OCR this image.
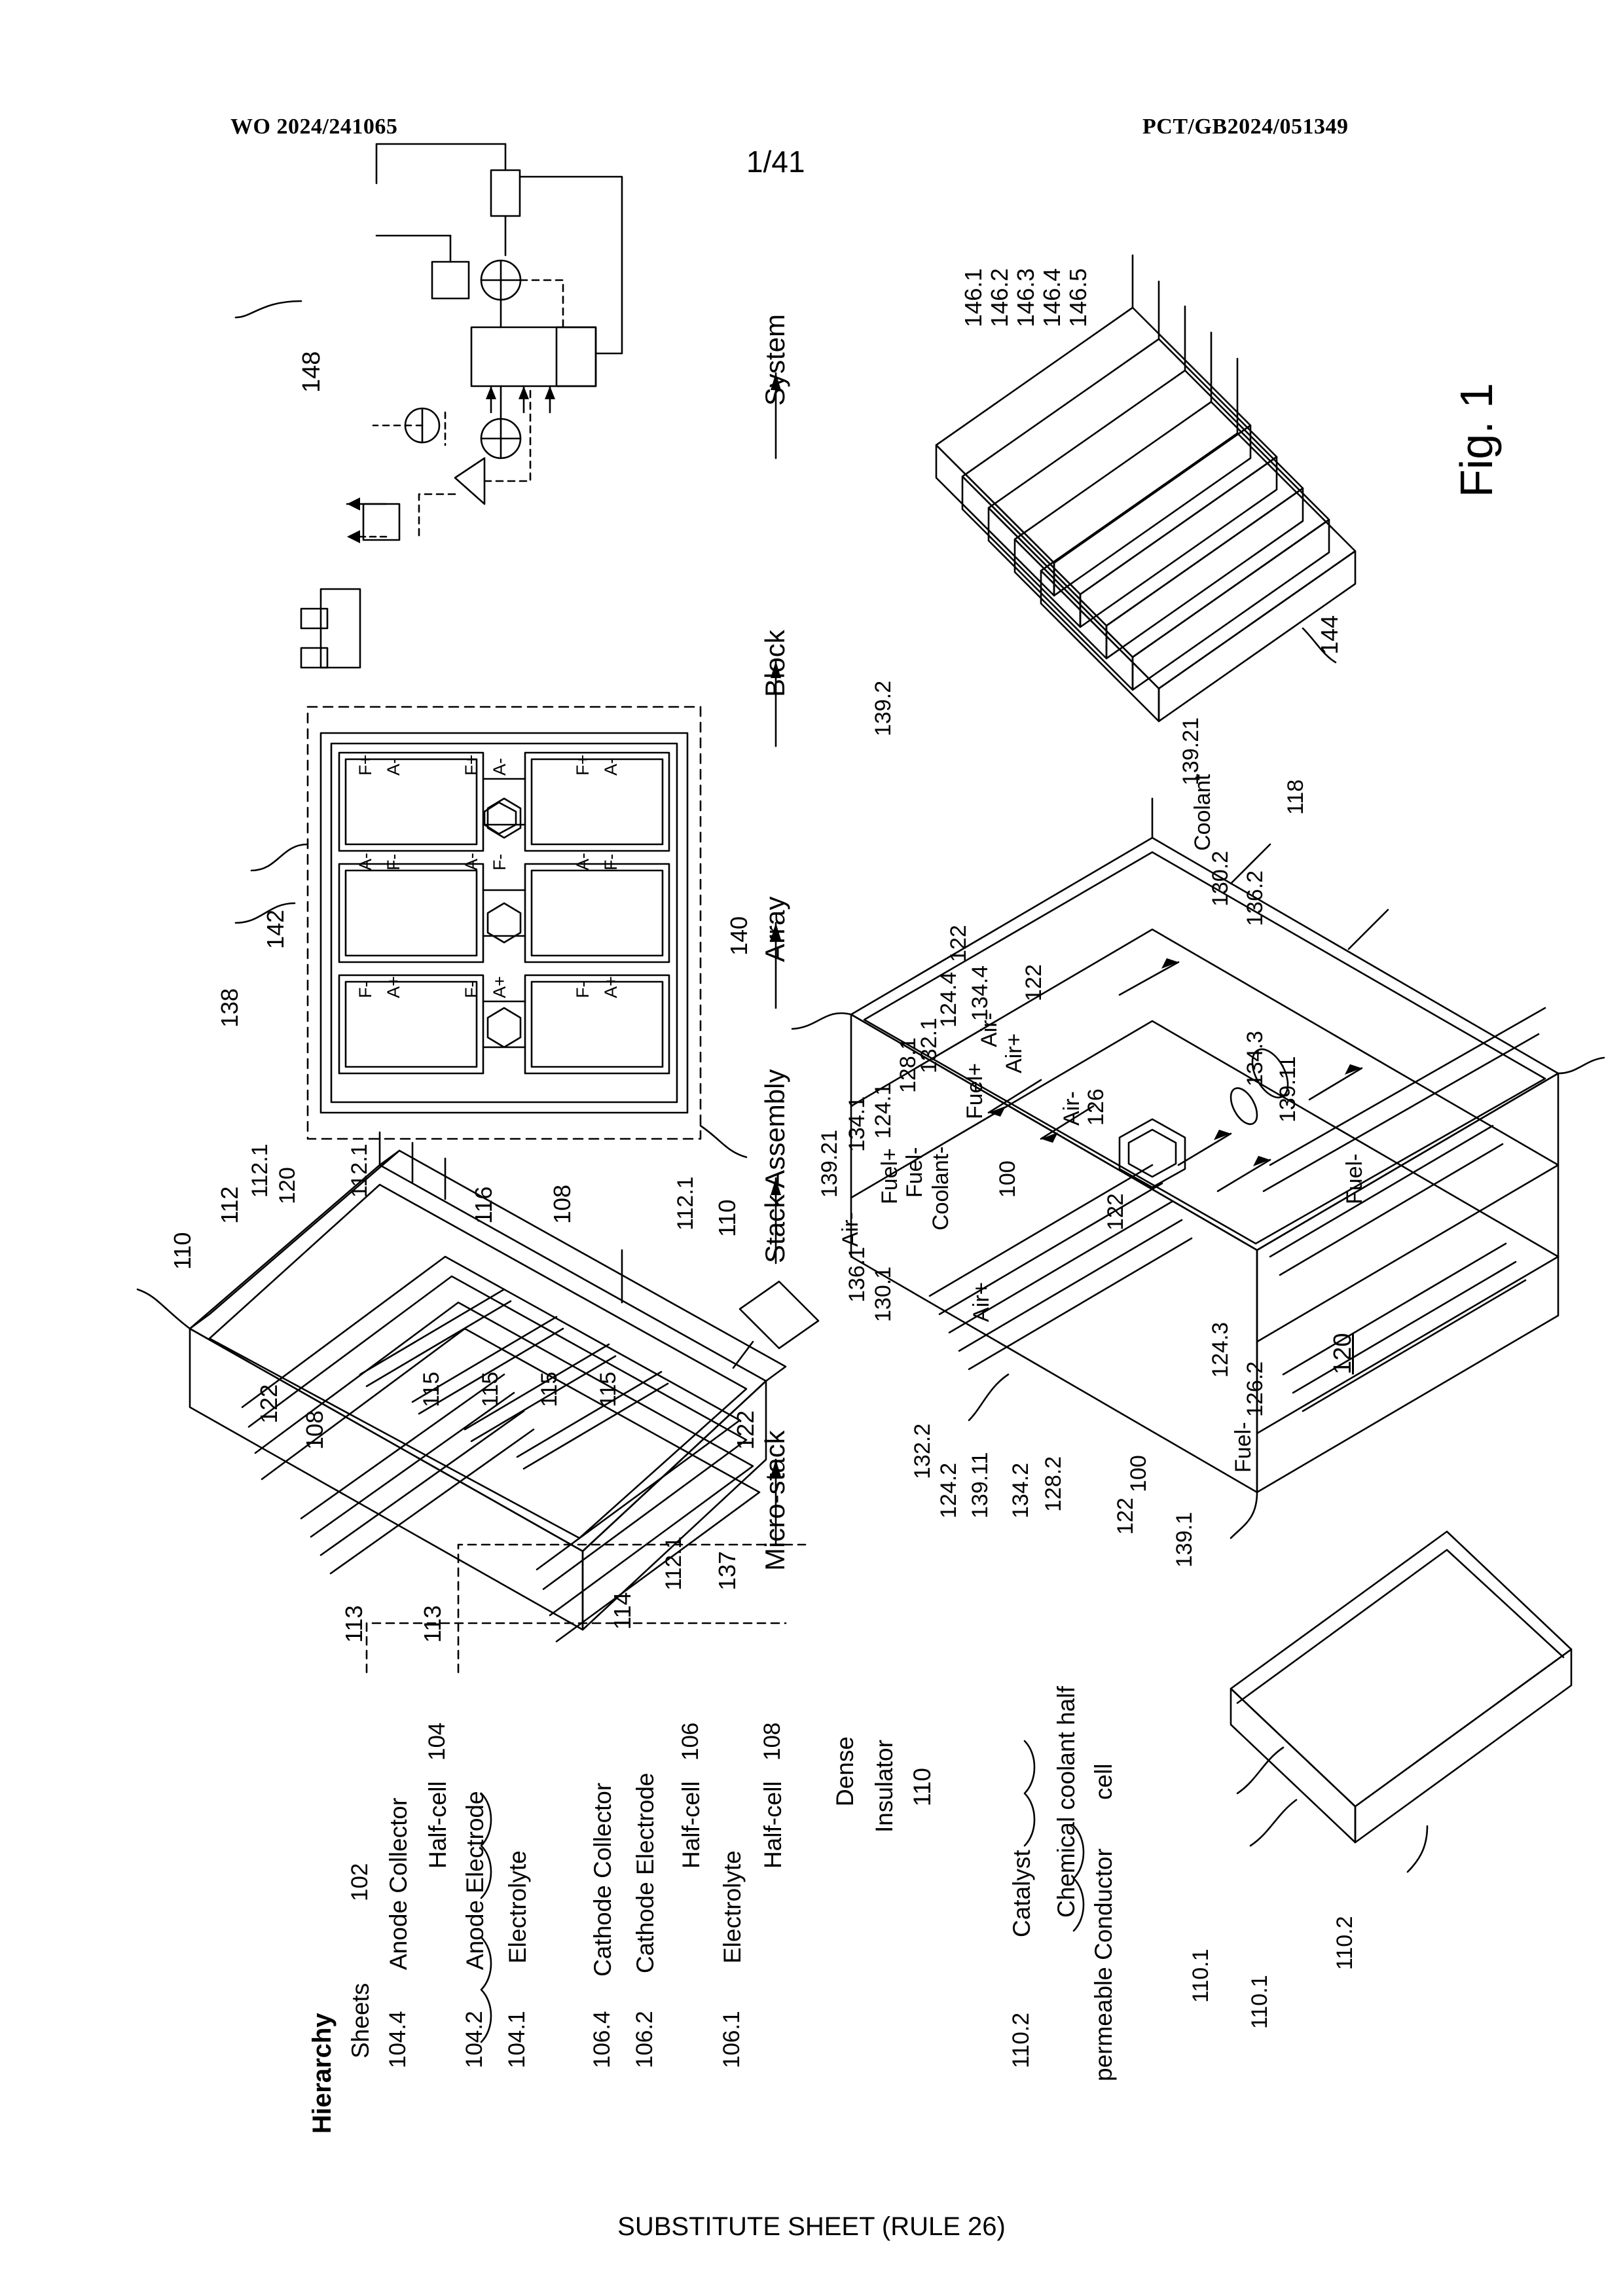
WO 2024/241065	PCT/GB2024/051349
1/41
SUBSTITUTE SHEET (RULE 26)
Fig. 1
System
Block
Array
Stack Assembly
Micro-stack
148
146.1 146.2 146.3 146.4 146.5
144
138
142	140
F+ A-
A- F-
F- A+
F+ A-
A- F-
F- A+
F+ A-
A- F-
F- A+
110
112
112.1 120 112.1
116 108	112.1
122
108
115 115 115 115
110
122
113 113	114
112.1 137
139.21
136.1 130.1
132.2
124.2 139.11 134.2
134.1 124.1
128.1
132.1
124.4 134.4
139.2
139.21
118
130.2 136.2
134.3 139.11
124.3
126.2
139.1
128.2
122
100
120
122
122
126
122
Air-
Fuel+ Fuel- Coolant-
Fuel+
Air-
Air+
Air-
Air+
Coolant
Fuel-
Fuel-
100
110.1 110.1
110.2
Hierarchy Sheets
102
104.4
Anode Collector Half-cell
104
104.2
Anode Electrode
104.1
Electrolyte
106.4
Cathode Collector	Half-cell
106
106.2
Cathode Electrode
106.1
Electrolyte
Half-cell
108 Dense Insulator 110
110.2
Catalyst Chemical coolant half cell
permeable Conductor
